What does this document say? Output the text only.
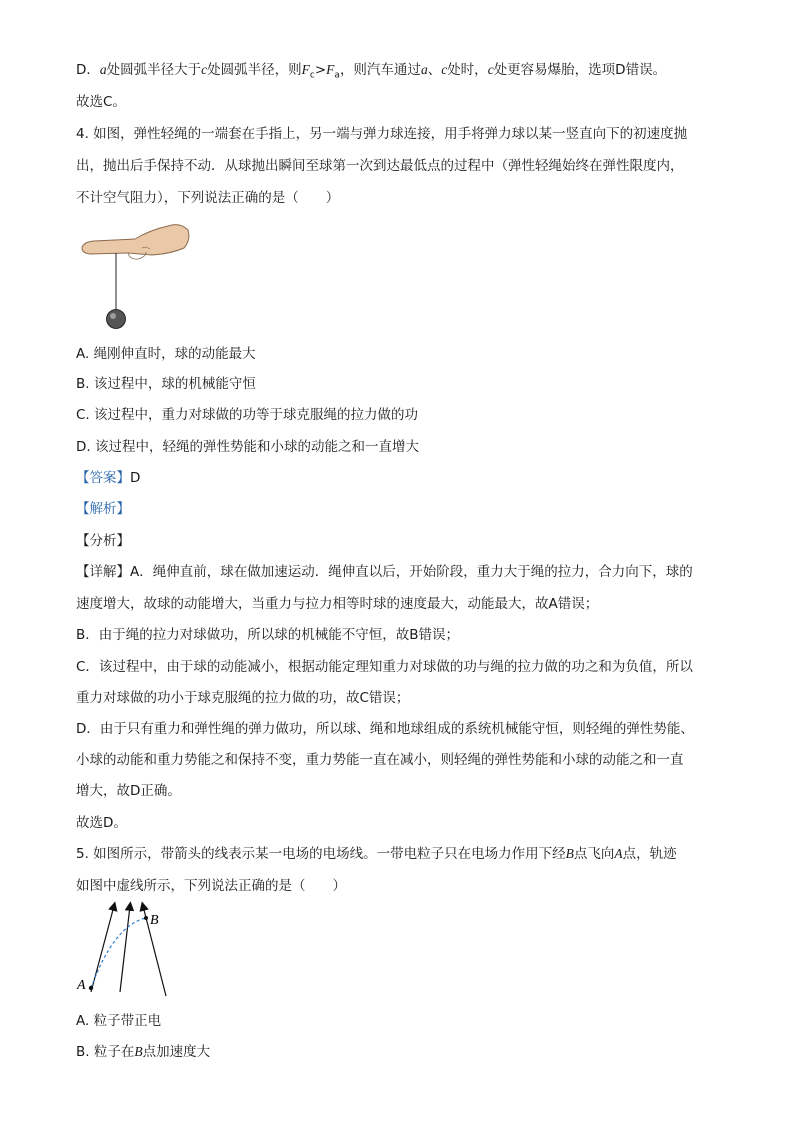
D．a处圆弧半径大于c处圆弧半径，则$F_c>F_a$，则汽车通过a、c处时，c处更容易爆胎，选项D错误。
故选C。
4. 如图，弹性轻绳的一端套在手指上，另一端与弹力球连接，用手将弹力球以某一竖直向下的初速度抛
出，抛出后手保持不动．从球抛出瞬间至球第一次到达最低点的过程中（弹性轻绳始终在弹性限度内，
不计空气阻力），下列说法正确的是（　　）
A. 绳刚伸直时，球的动能最大
B. 该过程中，球的机械能守恒
C. 该过程中，重力对球做的功等于球克服绳的拉力做的功
D. 该过程中，轻绳的弹性势能和小球的动能之和一直增大
【答案】D
【解析】
【分析】
【详解】A．绳伸直前，球在做加速运动．绳伸直以后，开始阶段，重力大于绳的拉力，合力向下，球的
速度增大，故球的动能增大，当重力与拉力相等时球的速度最大，动能最大，故A错误；
B．由于绳的拉力对球做功，所以球的机械能不守恒，故B错误；
C．该过程中，由于球的动能减小，根据动能定理知重力对球做的功与绳的拉力做的功之和为负值，所以
重力对球做的功小于球克服绳的拉力做的功，故C错误；
D．由于只有重力和弹性绳的弹力做功，所以球、绳和地球组成的系统机械能守恒，则轻绳的弹性势能、
小球的动能和重力势能之和保持不变，重力势能一直在减小，则轻绳的弹性势能和小球的动能之和一直
增大，故D正确。
故选D。
5. 如图所示，带箭头的线表示某一电场的电场线。一带电粒子只在电场力作用下经B点飞向A点，轨迹
如图中虚线所示，下列说法正确的是（　　）
A
B
A. 粒子带正电
B. 粒子在B点加速度大
